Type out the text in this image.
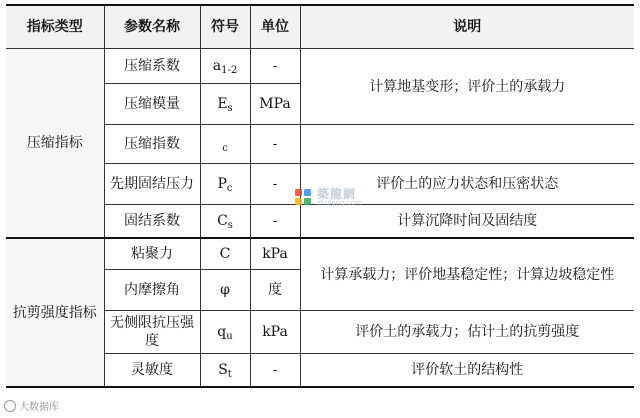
指标类型	参数名称	符号	单位	说明
压缩指标	压缩系数	$a_{1-2}$	-	计算地基变形；评价土的承载力
	压缩模量	$E_s$	MPa	
	压缩指数	$_c$	-	
	先期固结压力	$P_c$	-	评价土的应力状态和压密状态
	固结系数	$C_s$	-	计算沉降时间及固结度
抗剪强度指标	粘聚力	C	kPa	计算承载力；评价地基稳定性；计算边坡稳定性
	内摩擦角	φ	度	
	无侧限抗压强度	$q_u$	kPa	评价土的承载力；估计土的抗剪强度
	灵敏度	$S_t$	-	评价软土的结构性
築龍網
zhulong.com
大数据库
